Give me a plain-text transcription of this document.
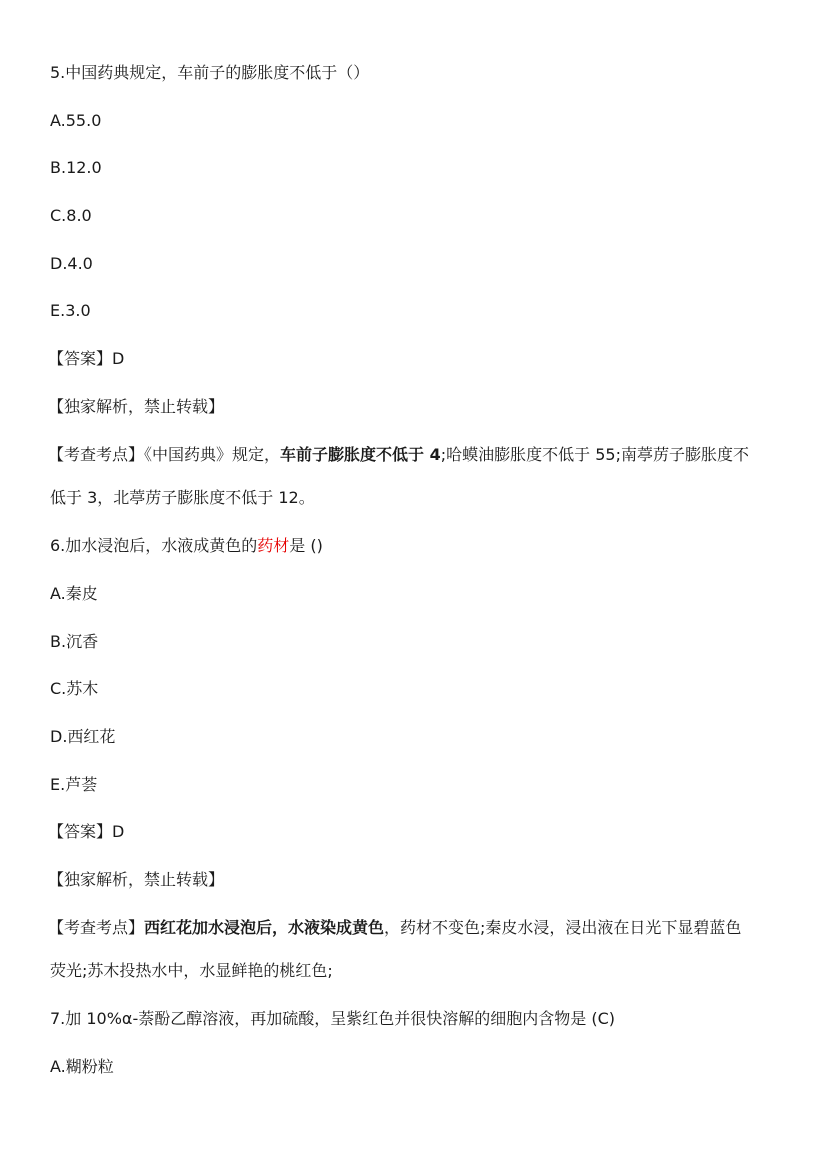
5.中国药典规定，车前子的膨胀度不低于（）
A.55.0
B.12.0
C.8.0
D.4.0
E.3.0
【答案】D
【独家解析，禁止转载】
【考查考点】《中国药典》规定，车前子膨胀度不低于 4;哈蟆油膨胀度不低于 55;南葶苈子膨胀度不
低于 3，北葶苈子膨胀度不低于 12。
6.加水浸泡后，水液成黄色的药材是 ()
A.秦皮
B.沉香
C.苏木
D.西红花
E.芦荟
【答案】D
【独家解析，禁止转载】
【考查考点】西红花加水浸泡后，水液染成黄色，药材不变色;秦皮水浸，浸出液在日光下显碧蓝色
荧光;苏木投热水中，水显鲜艳的桃红色;
7.加 10%α-萘酚乙醇溶液，再加硫酸，呈紫红色并很快溶解的细胞内含物是 (C)
A.糊粉粒
